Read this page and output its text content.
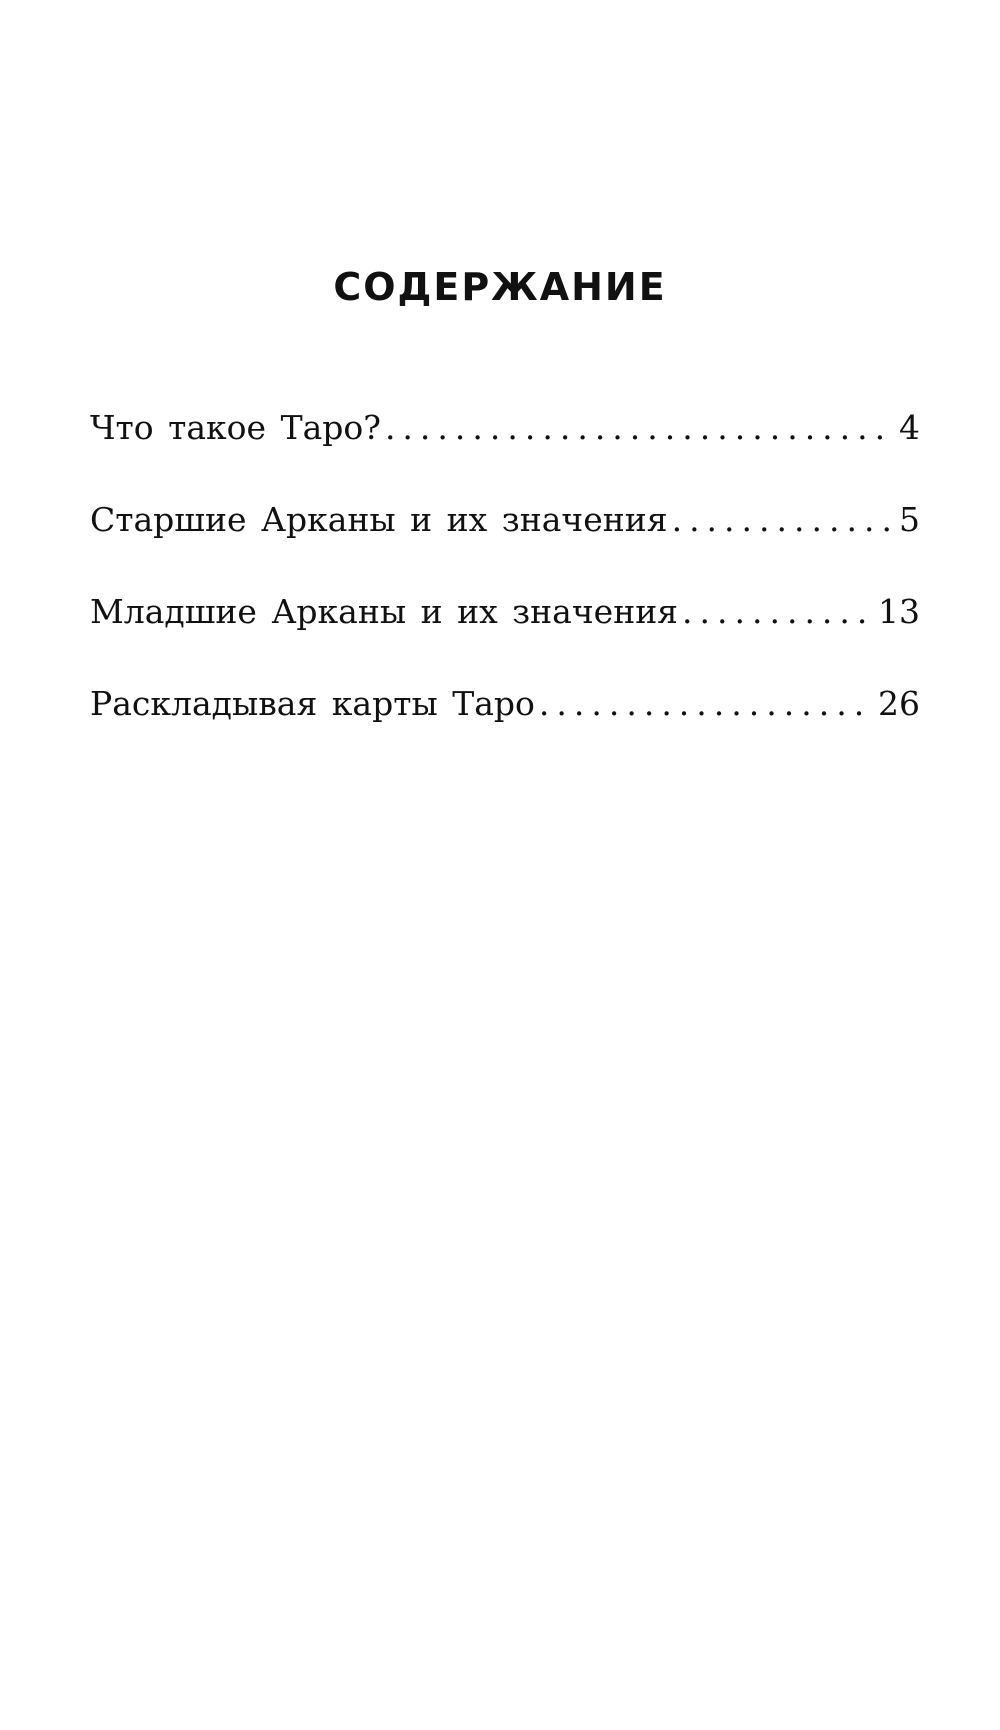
СОДЕРЖАНИЕ
Что такое Таро? .....	4
Старшие Арканы и их значения .....	5
Младшие Арканы и их значения .....	13
Раскладывая карты Таро .....	26
